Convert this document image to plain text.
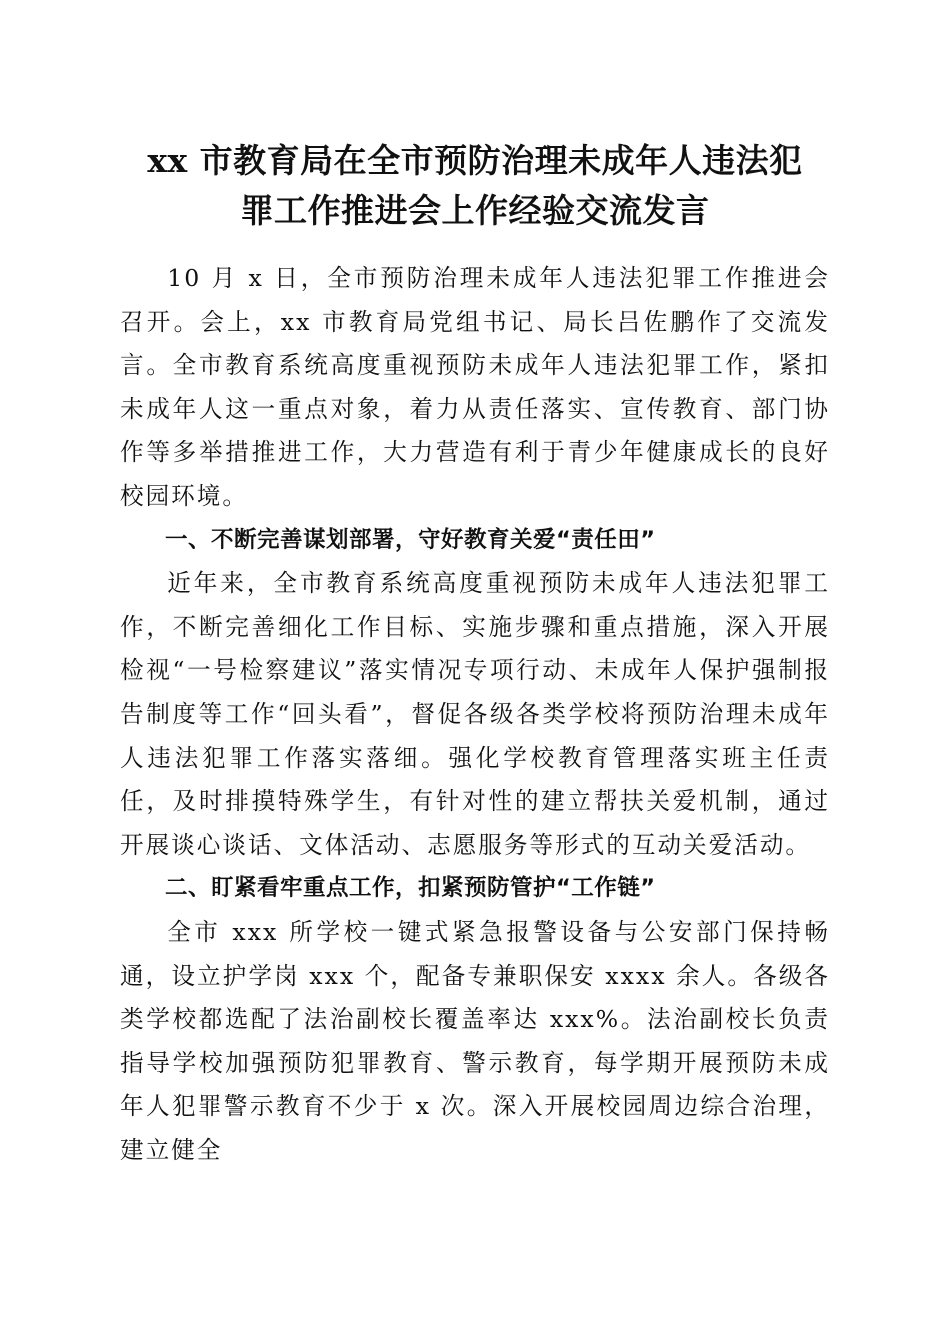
xx 市教育局在全市预防治理未成年人违法犯
罪工作推进会上作经验交流发言

10 月 x 日，全市预防治理未成年人违法犯罪工作推进会召开。会上，xx 市教育局党组书记、局长吕佐鹏作了交流发言。全市教育系统高度重视预防未成年人违法犯罪工作，紧扣未成年人这一重点对象，着力从责任落实、宣传教育、部门协作等多举措推进工作，大力营造有利于青少年健康成长的良好校园环境。

一、不断完善谋划部署，守好教育关爱“责任田”

近年来，全市教育系统高度重视预防未成年人违法犯罪工作，不断完善细化工作目标、实施步骤和重点措施，深入开展检视“一号检察建议”落实情况专项行动、未成年人保护强制报告制度等工作“回头看”，督促各级各类学校将预防治理未成年人违法犯罪工作落实落细。强化学校教育管理落实班主任责任，及时排摸特殊学生，有针对性的建立帮扶关爱机制，通过开展谈心谈话、文体活动、志愿服务等形式的互动关爱活动。

二、盯紧看牢重点工作，扣紧预防管护“工作链”

全市 xxx 所学校一键式紧急报警设备与公安部门保持畅通，设立护学岗 xxx 个，配备专兼职保安 xxxx 余人。各级各类学校都选配了法治副校长覆盖率达 xxx%。法治副校长负责指导学校加强预防犯罪教育、警示教育，每学期开展预防未成年人犯罪警示教育不少于 x 次。深入开展校园周边综合治理，建立健全
